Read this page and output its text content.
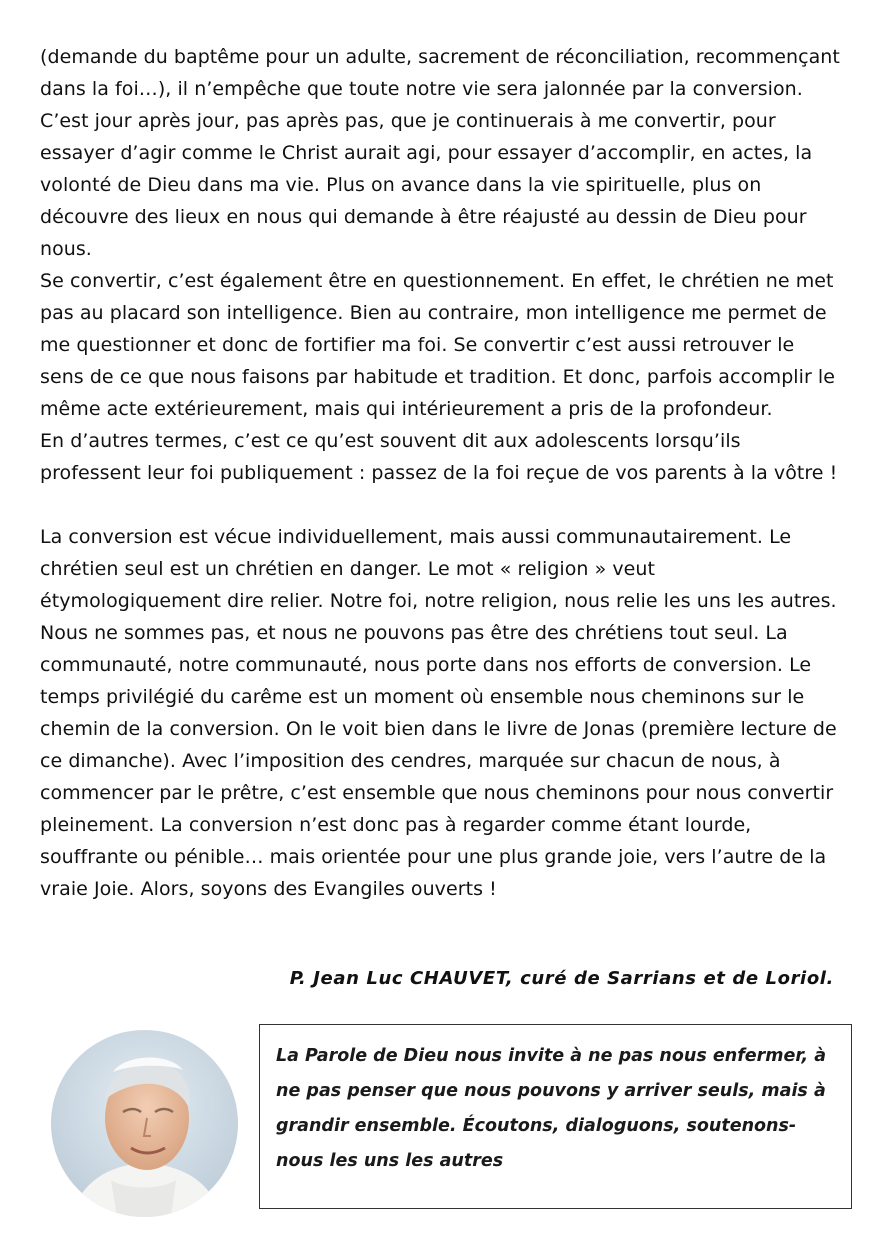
(demande du baptême pour un adulte, sacrement de réconciliation, recommençant dans la foi…), il n’empêche que toute notre vie sera jalonnée par la conversion. C’est jour après jour, pas après pas, que je continuerais à me convertir, pour essayer d’agir comme le Christ aurait agi, pour essayer d’accomplir, en actes, la volonté de Dieu dans ma vie. Plus on avance dans la vie spirituelle, plus on découvre des lieux en nous qui demande à être réajusté au dessin de Dieu pour nous.

Se convertir, c’est également être en questionnement. En effet, le chrétien ne met pas au placard son intelligence. Bien au contraire, mon intelligence me permet de me questionner et donc de fortifier ma foi. Se convertir c’est aussi retrouver le sens de ce que nous faisons par habitude et tradition. Et donc, parfois accomplir le même acte extérieurement, mais qui intérieurement a pris de la profondeur.

En d’autres termes, c’est ce qu’est souvent dit aux adolescents lorsqu’ils professent leur foi publiquement : passez de la foi reçue de vos parents à la vôtre !

La conversion est vécue individuellement, mais aussi communautairement. Le chrétien seul est un chrétien en danger. Le mot « religion » veut étymologiquement dire relier. Notre foi, notre religion, nous relie les uns les autres. Nous ne sommes pas, et nous ne pouvons pas être des chrétiens tout seul. La communauté, notre communauté, nous porte dans nos efforts de conversion. Le temps privilégié du carême est un moment où ensemble nous cheminons sur le chemin de la conversion. On le voit bien dans le livre de Jonas (première lecture de ce dimanche). Avec l’imposition des cendres, marquée sur chacun de nous, à commencer par le prêtre, c’est ensemble que nous cheminons pour nous convertir pleinement. La conversion n’est donc pas à regarder comme étant lourde, souffrante ou pénible… mais orientée pour une plus grande joie, vers l’autre de la vraie Joie. Alors, soyons des Evangiles ouverts !

P. Jean Luc CHAUVET, curé de Sarrians et de Loriol.

La Parole de Dieu nous invite à ne pas nous enfermer, à ne pas penser que nous pouvons y arriver seuls, mais à grandir ensemble. Écoutons, dialoguons, soutenons-nous les uns les autres
